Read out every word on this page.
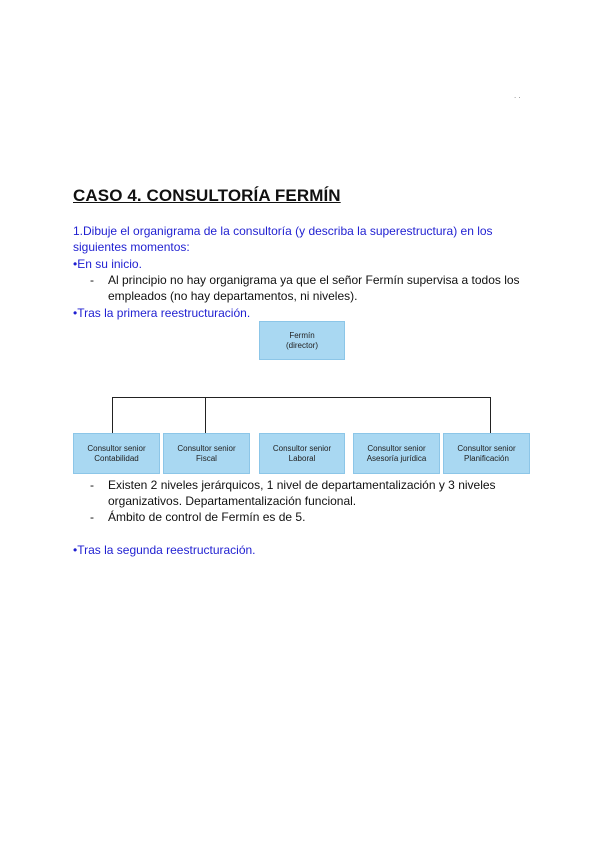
. .
CASO 4. CONSULTORÍA FERMÍN
1.Dibuje el organigrama de la consultoría (y describa la superestructura) en los siguientes momentos:
•En su inicio.
- Al principio no hay organigrama ya que el señor Fermín supervisa a todos los empleados (no hay departamentos, ni niveles).
•Tras la primera reestructuración.
Fermín
(director)
Consultor senior
Contabilidad
Consultor senior
Fiscal
Consultor senior
Laboral
Consultor senior
Asesoría jurídica
Consultor senior
Planificación
- Existen 2 niveles jerárquicos, 1 nivel de departamentalización y 3 niveles organizativos. Departamentalización funcional.
- Ámbito de control de Fermín es de 5.
•Tras la segunda reestructuración.
